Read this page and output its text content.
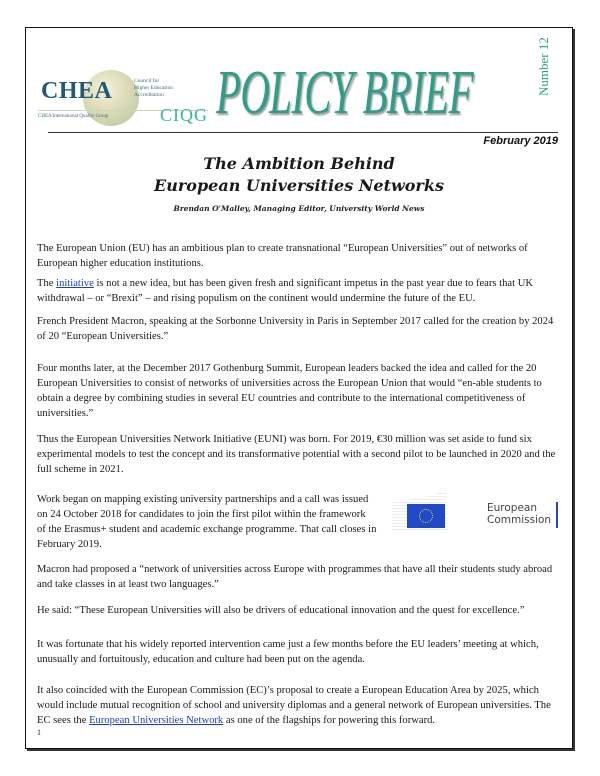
CHEA	Council for
Higher Education
Accreditation
CHEA International Quality Group	CIQG POLICY BRIEF	Number 12
February 2019
The Ambition Behind
European Universities Networks
Brendan O'Malley, Managing Editor, University World News

The European Union (EU) has an ambitious plan to create transnational “European Universities” out of networks of European higher education institutions.

The initiative is not a new idea, but has been given fresh and significant impetus in the past year due to fears that UK withdrawal – or “Brexit” – and rising populism on the continent would undermine the future of the EU.

French President Macron, speaking at the Sorbonne University in Paris in September 2017 called for the creation by 2024 of 20 “European Universities.”

Four months later, at the December 2017 Gothenburg Summit, European leaders backed the idea and called for the 20 European Universities to consist of networks of universities across the European Union that would “en-able students to obtain a degree by combining studies in several EU countries and contribute to the international competitiveness of universities.”

Thus the European Universities Network Initiative (EUNI) was born. For 2019, €30 million was set aside to fund six experimental models to test the concept and its transformative potential with a second pilot to be launched in 2020 and the full scheme in 2021.

Work began on mapping existing university partnerships and a call was issued on 24 October 2018 for candidates to join the first pilot within the framework of the Erasmus+ student and academic exchange programme. That call closes in February 2019.

European
Commission

Macron had proposed a “network of universities across Europe with programmes that have all their students study abroad and take classes in at least two languages.”

He said: “These European Universities will also be drivers of educational innovation and the quest for excellence.”

It was fortunate that his widely reported intervention came just a few months before the EU leaders’ meeting at which, unusually and fortuitously, education and culture had been put on the agenda.

It also coincided with the European Commission (EC)’s proposal to create a European Education Area by 2025, which would include mutual recognition of school and university diplomas and a general network of European universities. The EC sees the European Universities Network as one of the flagships for powering this forward.

1
